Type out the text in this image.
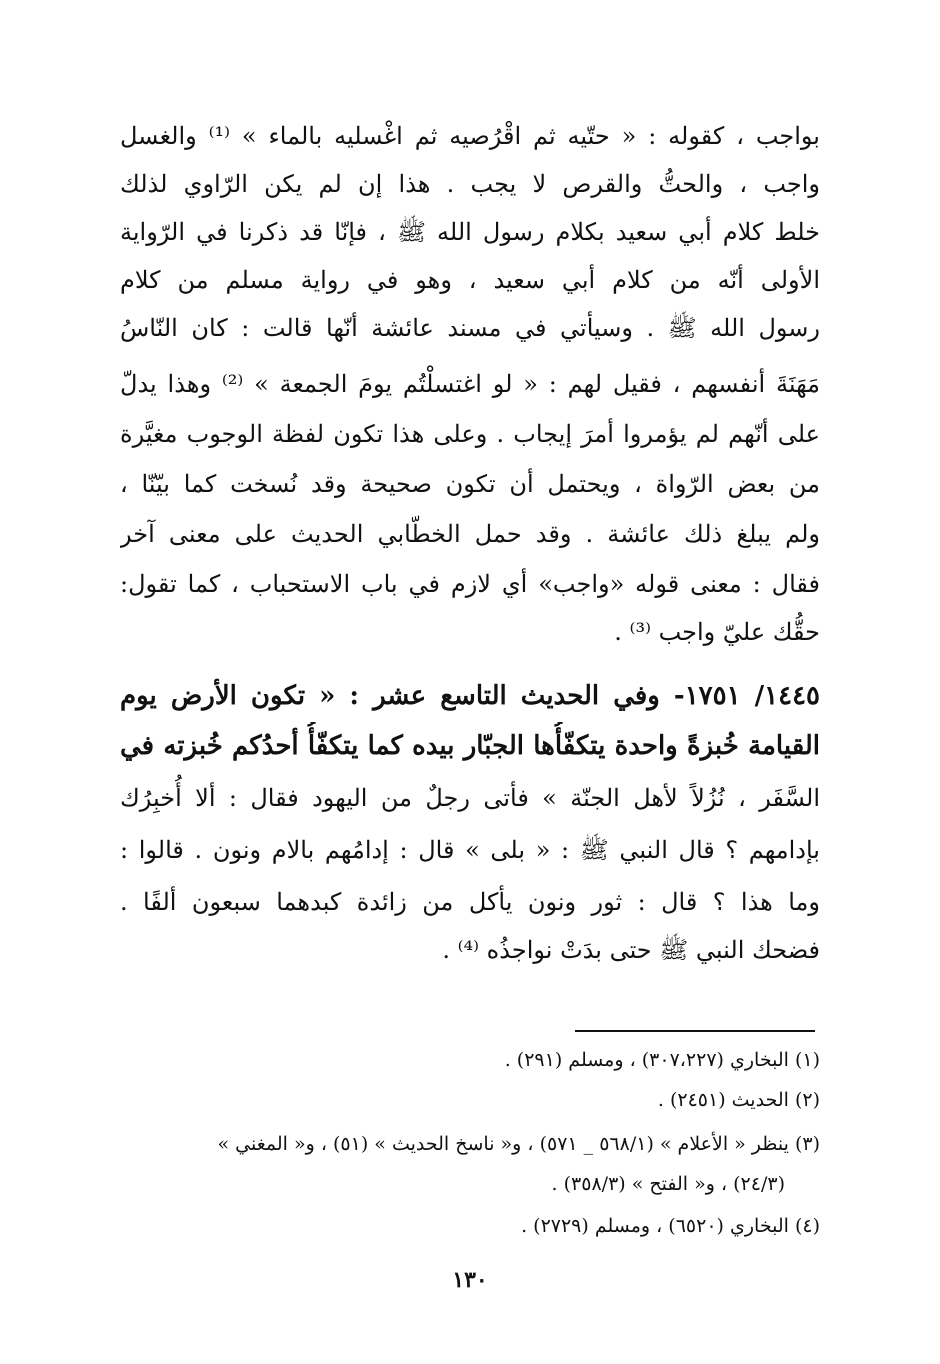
بواجب ، كقوله : « حتّيه ثم اقْرُصيه ثم اغْسليه بالماء » ⁽¹⁾ والغسل
واجب ، والحتُّ والقرص لا يجب . هذا إن لم يكن الرّاوي لذلك
خلط كلام أبي سعيد بكلام رسول الله ﷺ ، فإنّا قد ذكرنا في الرّواية
الأولى أنّه من كلام أبي سعيد ، وهو في رواية مسلم من كلام
رسول الله ﷺ . وسيأتي في مسند عائشة أنّها قالت : كان النّاسُ
مَهَنَةَ أنفسهم ، فقيل لهم : « لو اغتسلْتُم يومَ الجمعة » ⁽²⁾ وهذا يدلّ
على أنّهم لم يؤمروا أمرَ إيجاب . وعلى هذا تكون لفظة الوجوب مغيَّرة
من بعض الرّواة ، ويحتمل أن تكون صحيحة وقد نُسخت كما بيّنّا ،
ولم يبلغ ذلك عائشة . وقد حمل الخطّابي الحديث على معنى آخر
فقال : معنى قوله «واجب» أي لازم في باب الاستحباب ، كما تقول:
حقُّك عليّ واجب ⁽³⁾ .
١٤٤٥/ ١٧٥١- وفي الحديث التاسع عشر : « تكون الأرض يوم
القيامة خُبزةً واحدة يتكفّأُها الجبّار بيده كما يتكفّأُ أحدُكم خُبزته في
السَّفَر ، نُزُلاً لأهل الجنّة » فأتى رجلٌ من اليهود فقال : ألا أُخبِرُك
بإدامهم ؟ قال النبي ﷺ : « بلى » قال : إدامُهم بالام ونون . قالوا :
وما هذا ؟ قال : ثور ونون يأكل من زائدة كبدهما سبعون ألفًا .
فضحك النبي ﷺ حتى بدَتْ نواجذُه ⁽⁴⁾ .
(١) البخاري (٣٠٧،٢٢٧) ، ومسلم (٢٩١) .
(٢) الحديث (٢٤٥١) .
(٣) ينظر « الأعلام » (٥٦٨/١ _ ٥٧١) ، و« ناسخ الحديث » (٥١) ، و« المغني »
(٢٤/٣) ، و« الفتح » (٣٥٨/٣) .
(٤) البخاري (٦٥٢٠) ، ومسلم (٢٧٢٩) .
١٣٠
